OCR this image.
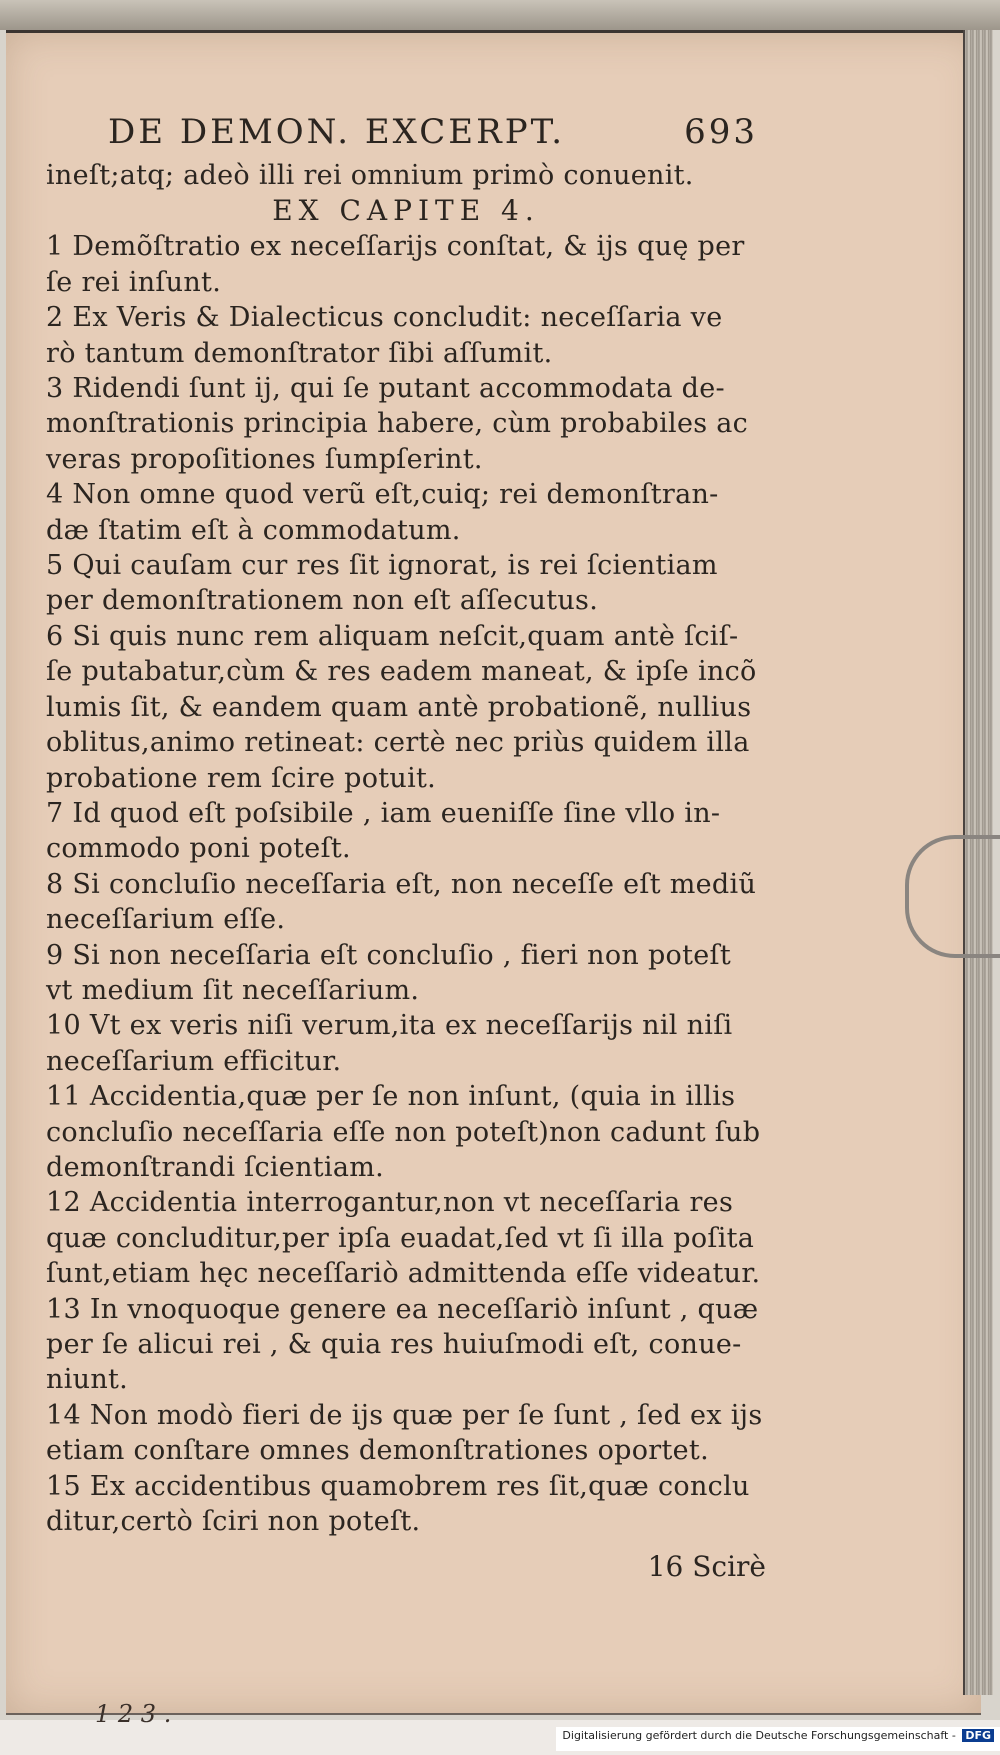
DE DEMON. EXCERPT.	693
ineſt;atq; adeò illi rei omnium primò conuenit.
EX CAPITE 4.
1 Demõſtratio ex neceſſarijs conſtat, & ijs quę per
ſe rei inſunt.
2 Ex Veris & Dialecticus concludit: neceſſaria ve
rò tantum demonſtrator ſibi aſſumit.
3 Ridendi ſunt ij, qui ſe putant accommodata de-
monſtrationis principia habere, cùm probabiles ac
veras propoſitiones ſumpſerint.
4 Non omne quod verũ eſt,cuiq; rei demonſtran-
dæ ſtatim eſt à commodatum.
5 Qui cauſam cur res ſit ignorat, is rei ſcientiam
per demonſtrationem non eſt aſſecutus.
6 Si quis nunc rem aliquam neſcit,quam antè ſciſ-
ſe putabatur,cùm & res eadem maneat, & ipſe incõ
lumis ſit, & eandem quam antè probationẽ, nullius
oblitus,animo retineat: certè nec priùs quidem illa
probatione rem ſcire potuit.
7 Id quod eſt poſsibile , iam eueniſſe ſine vllo in-
commodo poni poteſt.
8 Si concluſio neceſſaria eſt, non neceſſe eſt mediũ
neceſſarium eſſe.
9 Si non neceſſaria eſt concluſio , fieri non poteſt
vt medium ſit neceſſarium.
10 Vt ex veris niſi verum,ita ex neceſſarijs nil niſi
neceſſarium efficitur.
11 Accidentia,quæ per ſe non inſunt, (quia in illis
concluſio neceſſaria eſſe non poteſt)non cadunt ſub
demonſtrandi ſcientiam.
12 Accidentia interrogantur,non vt neceſſaria res
quæ concluditur,per ipſa euadat,ſed vt ſi illa poſita
ſunt,etiam hęc neceſſariò admittenda eſſe videatur.
13 In vnoquoque genere ea neceſſariò inſunt , quæ
per ſe alicui rei , & quia res huiuſmodi eſt, conue-
niunt.
14 Non modò fieri de ijs quæ per ſe ſunt , ſed ex ijs
etiam conſtare omnes demonſtrationes oportet.
15 Ex accidentibus quamobrem res ſit,quæ conclu
ditur,certò ſciri non poteſt.
16 Scirè
1 2 3 .
Digitalisierung gefördert durch die Deutsche Forschungsgemeinschaft - DFG
